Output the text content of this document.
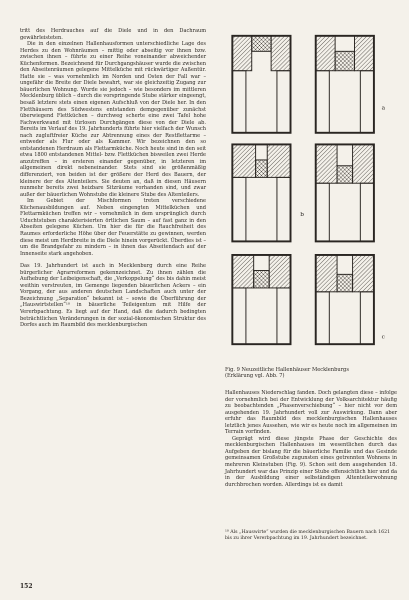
tritt des Herdrauches auf die Diele und in den Dachraum gewährleisteten.

Die in den einzelnen Hallenhausformen unterschiedliche Lage des Herdes zu den Wohnräumen – mittig oder abseitig vor ihnen bzw. zwischen ihnen – führte zu einer Reihe voneinander abweichender Küchenformen. Bezeichnend für Durchgangshäuser wurde die zwischen den Abseitenräumen gelegene Mittelküche mit rückwärtiger Außentür. Hatte sie – was vornehmlich im Norden und Osten der Fall war – ungefähr die Breite der Diele bewahrt, war sie gleichzeitig Zugang zur bäuerlichen Wohnung. Wurde sie jedoch – wie besonders im mittleren Mecklenburg üblich – durch die vorspringende Stube stärker eingeengt, besaß letztere stets einen eigenen Aufschluß von der Diele her. In den Fletthäusern des Südwestens entstanden demgegenüber zunächst überwiegend Flettküchen – durchweg scherte eine zwei Tafel hohe Fachwerkwand mit türlosen Durchgängen diese von der Diele ab. Bereits im Verlauf des 19. Jahrhunderts führte hier vielfach der Wunsch nach zugluftfreier Küche zur Abtrennung eines der Restflettarme – entweder als Flur oder als Kammer. Wir bezeichnen den so entstandenen Herdraum als Flettarmküche. Noch heute sind in den seit etwa 1800 entstandenen Mittel- bzw. Flettküchen bisweilen zwei Herde anzutreffen – in ersteren einander gegenüber, in letzteren im allgemeinen direkt nebeneinander. Stets sind sie größenmäßig differenziert, von beiden ist der größere der Herd des Bauern, der kleinere der des Altenteilers. Sie deuten an, daß in diesen Häusern nunmehr bereits zwei heizbare Sitzräume vorhanden sind, und zwar außer der bäuerlichen Wohnstube die kleinere Stube des Altenteilers.

Im Gebiet der Mischformen treten verschiedene Küchenausbildungen auf. Neben eingengten Mittelküchen und Flettarmküchen treffen wir – vornehmlich in dem ursprünglich durch Uduchtstuben charakterisierten örtlichen Saum – auf fast ganz in den Abseiten gelegene Küchen. Um hier die für die Rauchfreiheit des Raumes erforderliche Höhe über der Feuerstätte zu gewinnen, werden diese meist um Herdbreite in die Diele hinein vorgerückt. Überdies ist – um die Brandgefahr zu mindern – in ihnen das Abseitendach auf der Innenseite stark angehoben.

Das 19. Jahrhundert ist auch in Mecklenburg durch eine Reihe bürgerlicher Agrarreformen gekennzeichnet. Zu ihnen zählen die Aufhebung der Leibeigenschaft, die „Verkoppelung“ des bis dahin meist weithin verstreuten, im Gemenge liegenden bäuerlichen Ackers – ein Vorgang, der aus anderen deutschen Landschaften auch unter der Bezeichnung „Separation“ bekannt ist – sowie die Überführung der „Hauswirtstellen“¹⁰ in bäuerliche Teileigentum mit Hilfe der Vererbpachtung. Es liegt auf der Hand, daß die dadurch bedingten beträchtlichen Veränderungen in der sozial-ökonomischen Struktur des Dorfes auch im Raumbild des mecklenburgischen

a
b
c
Fig. 9 Neuzeitliche Hallenhäuser Mecklenburgs
(Erklärung vgl. Abb. 7)

Hallenhauses Niederschlag fanden. Doch gelangten diese – infolge der vornehmlich bei der Entwicklung der Volksarchitektur häufig zu beobachtenden „Phasenverschiebung“ – hier nicht vor dem ausgehenden 19. Jahrhundert voll zur Auswirkung. Dann aber erfuhr das Raumbild des mecklenburgischen Hallenhauses letztlich jenes Aussehen, wie wir es heute noch im allgemeinen im Terrain vorfinden.

Geprägt wird diese jüngste Phase der Geschichte des mecklenburgischen Hallenhauses im wesentlichen durch das Aufgeben der bislang für die bäuerliche Familie und das Gesinde gemeinsamen Großstube zugunsten eines getrennten Wohnens in mehreren Kleinstuben (Fig. 9). Schon seit dem ausgehenden 18. Jahrhundert war das Prinzip einer Stube offensichtlich hier und da in der Ausbildung einer selbständigen Altenteilerwohnung durchbrochen worden. Allerdings ist es damit

¹⁰ Als „Hauswirte“ wurden die mecklenburgischen Bauern nach 1621 bis zu ihrer Vererbpachtung im 19. Jahrhundert bezeichnet.
152
